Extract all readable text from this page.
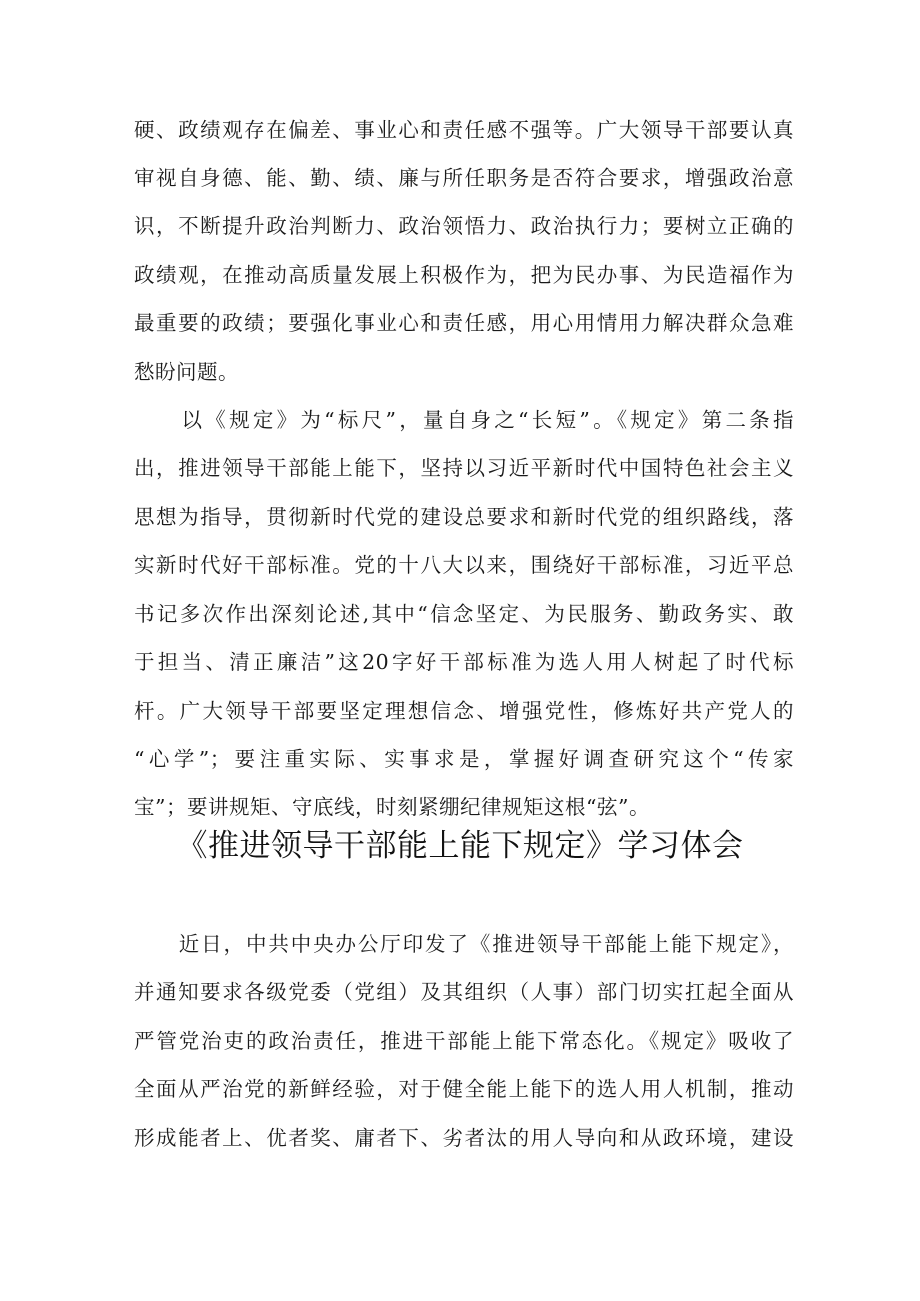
硬、政绩观存在偏差、事业心和责任感不强等。广大领导干部要认真
审视自身德、能、勤、绩、廉与所任职务是否符合要求，增强政治意
识，不断提升政治判断力、政治领悟力、政治执行力；要树立正确的
政绩观，在推动高质量发展上积极作为，把为民办事、为民造福作为
最重要的政绩；要强化事业心和责任感，用心用情用力解决群众急难
愁盼问题。
　　以《规定》为“标尺”，量自身之“长短”。《规定》第二条指
出，推进领导干部能上能下，坚持以习近平新时代中国特色社会主义
思想为指导，贯彻新时代党的建设总要求和新时代党的组织路线，落
实新时代好干部标准。党的十八大以来，围绕好干部标准，习近平总
书记多次作出深刻论述,其中“信念坚定、为民服务、勤政务实、敢
于担当、清正廉洁”这20字好干部标准为选人用人树起了时代标
杆。广大领导干部要坚定理想信念、增强党性，修炼好共产党人的
“心学”；要注重实际、实事求是，掌握好调查研究这个“传家
宝”；要讲规矩、守底线，时刻紧绷纪律规矩这根“弦”。
《推进领导干部能上能下规定》学习体会
　　近日，中共中央办公厅印发了《推进领导干部能上能下规定》，
并通知要求各级党委（党组）及其组织（人事）部门切实扛起全面从
严管党治吏的政治责任，推进干部能上能下常态化。《规定》吸收了
全面从严治党的新鲜经验，对于健全能上能下的选人用人机制，推动
形成能者上、优者奖、庸者下、劣者汰的用人导向和从政环境，建设
